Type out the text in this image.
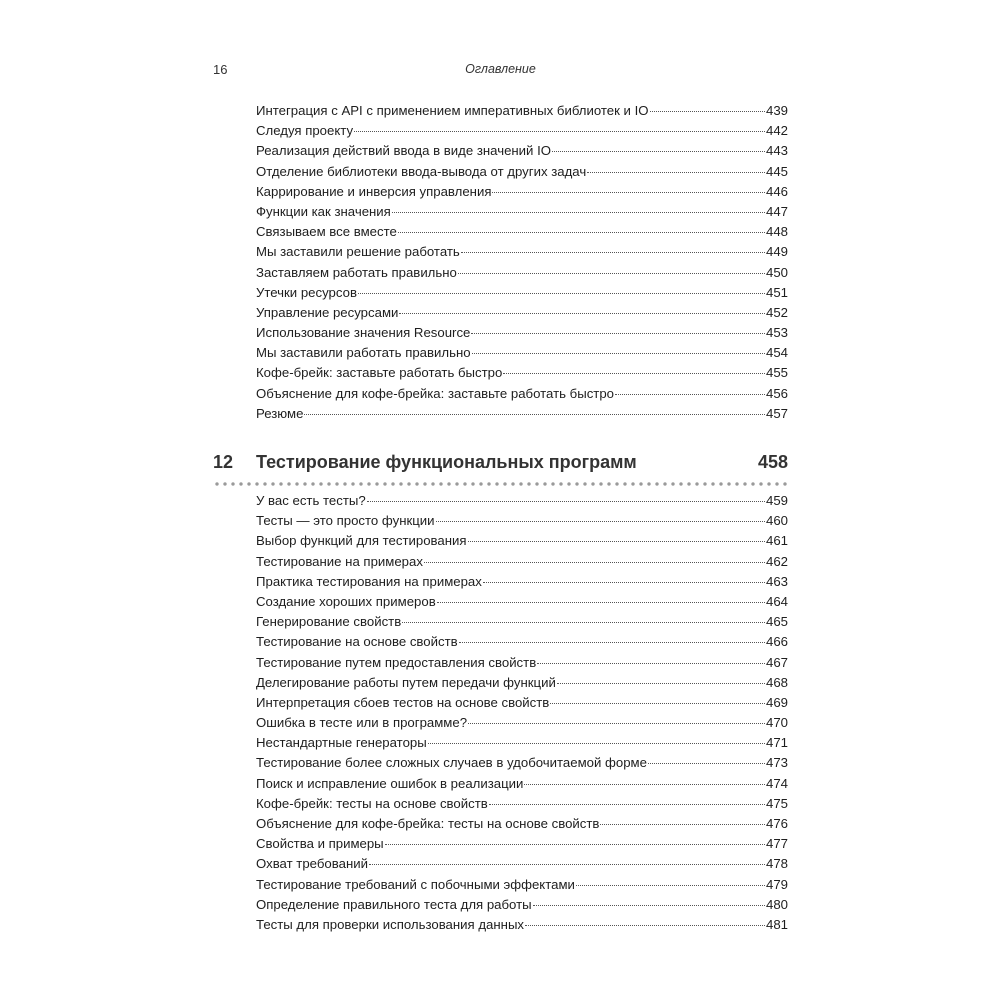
16	Оглавление
Интеграция с API с применением императивных библиотек и IO	439
Следуя проекту	442
Реализация действий ввода в виде значений IO	443
Отделение библиотеки ввода-вывода от других задач	445
Каррирование и инверсия управления	446
Функции как значения	447
Связываем все вместе	448
Мы заставили решение работать	449
Заставляем работать правильно	450
Утечки ресурсов	451
Управление ресурсами	452
Использование значения Resource	453
Мы заставили работать правильно	454
Кофе-брейк: заставьте работать быстро	455
Объяснение для кофе-брейка: заставьте работать быстро	456
Резюме	457
12 Тестирование функциональных программ	458
У вас есть тесты?	459
Тесты — это просто функции	460
Выбор функций для тестирования	461
Тестирование на примерах	462
Практика тестирования на примерах	463
Создание хороших примеров	464
Генерирование свойств	465
Тестирование на основе свойств	466
Тестирование путем предоставления свойств	467
Делегирование работы путем передачи функций	468
Интерпретация сбоев тестов на основе свойств	469
Ошибка в тесте или в программе?	470
Нестандартные генераторы	471
Тестирование более сложных случаев в удобочитаемой форме	473
Поиск и исправление ошибок в реализации	474
Кофе-брейк: тесты на основе свойств	475
Объяснение для кофе-брейка: тесты на основе свойств	476
Свойства и примеры	477
Охват требований	478
Тестирование требований с побочными эффектами	479
Определение правильного теста для работы	480
Тесты для проверки использования данных	481
